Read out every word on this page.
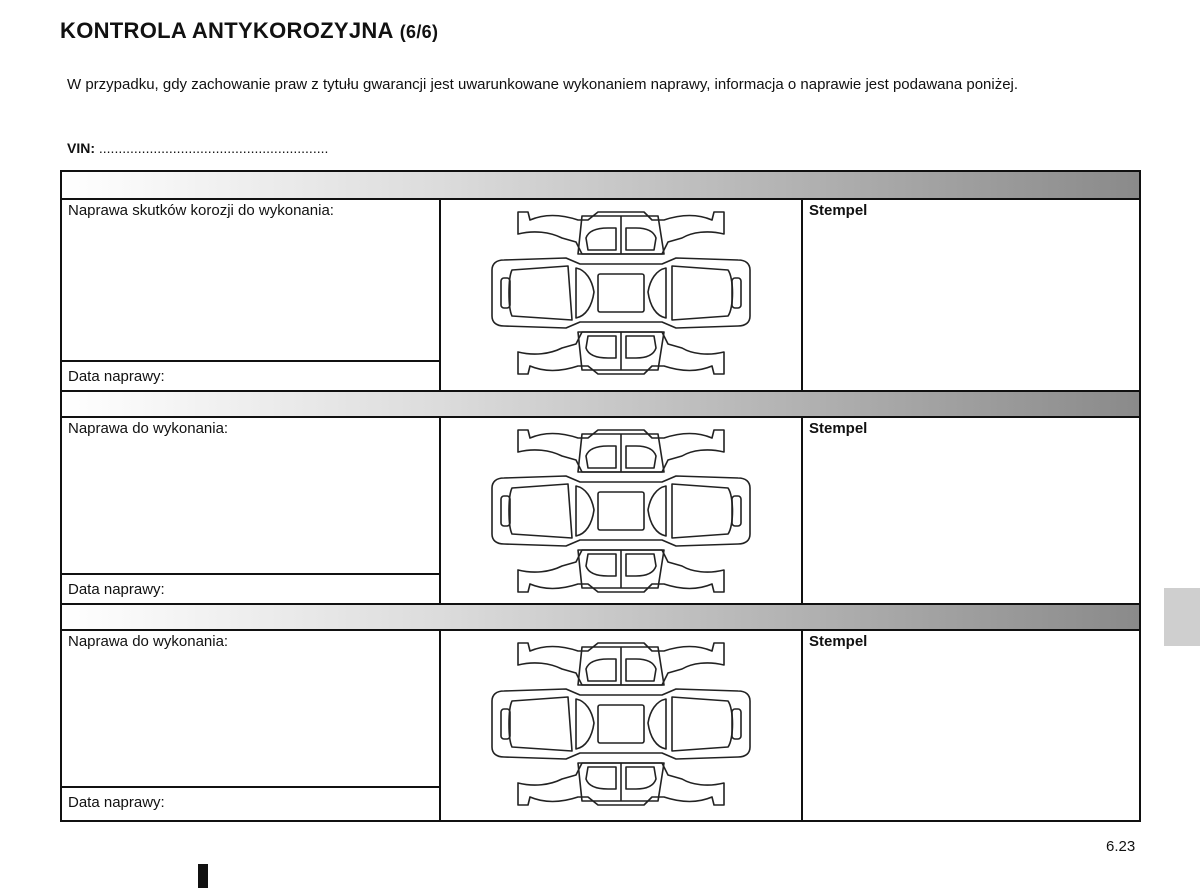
KONTROLA ANTYKOROZYJNA (6/6)
W przypadku, gdy zachowanie praw z tytułu gwarancji jest uwarunkowane wykonaniem naprawy, informacja o naprawie jest podawana poniżej.
VIN: ...........................................................
Naprawa skutków korozji do wykonania:
Data naprawy:
Stempel
Naprawa do wykonania:
Data naprawy:
Stempel
Naprawa do wykonania:
Data naprawy:
Stempel
6.23
